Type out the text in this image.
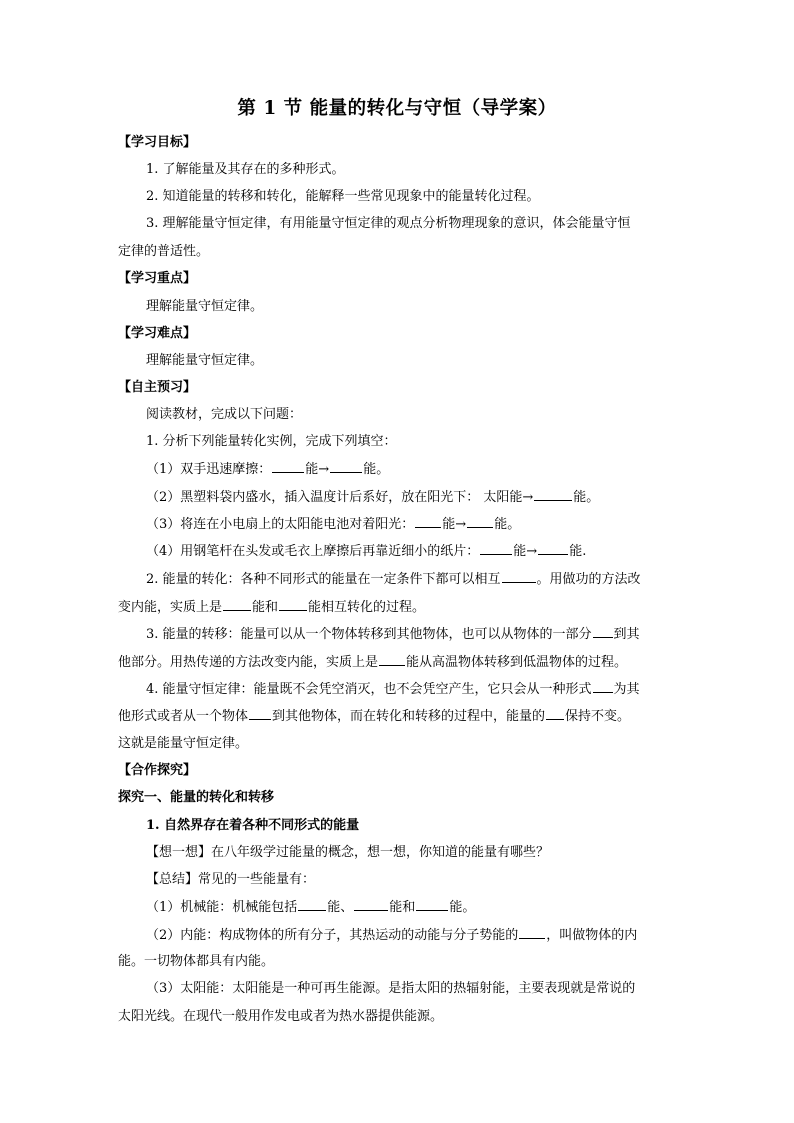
第 1 节 能量的转化与守恒（导学案）
【学习目标】
1. 了解能量及其存在的多种形式。
2. 知道能量的转移和转化，能解释一些常见现象中的能量转化过程。
3. 理解能量守恒定律，有用能量守恒定律的观点分析物理现象的意识，体会能量守恒
定律的普适性。
【学习重点】
理解能量守恒定律。
【学习难点】
理解能量守恒定律。
【自主预习】
阅读教材，完成以下问题：
1. 分析下列能量转化实例，完成下列填空：
（1）双手迅速摩擦：	能→	能。
（2）黑塑料袋内盛水，插入温度计后系好，放在阳光下： 太阳能→	能。
（3）将连在小电扇上的太阳能电池对着阳光： 能→ 能。
（4）用钢笔杆在头发或毛衣上摩擦后再靠近细小的纸片：	能→ 能.
2. 能量的转化：各种不同形式的能量在一定条件下都可以相互	。用做功的方法改
变内能，实质上是 能和 能相互转化的过程。
3. 能量的转移：能量可以从一个物体转移到其他物体，也可以从物体的一部分 到其
他部分。用热传递的方法改变内能，实质上是 能从高温物体转移到低温物体的过程。
4. 能量守恒定律：能量既不会凭空消灭，也不会凭空产生，它只会从一种形式 为其
他形式或者从一个物体 到其他物体，而在转化和转移的过程中，能量的 保持不变。
这就是能量守恒定律。
【合作探究】
探究一、能量的转化和转移
1. 自然界存在着各种不同形式的能量
【想一想】在八年级学过能量的概念，想一想，你知道的能量有哪些？
【总结】常见的一些能量有：
（1）机械能：机械能包括 能、	能和	能。
（2）内能：构成物体的所有分子，其热运动的动能与分子势能的 ，叫做物体的内
能。一切物体都具有内能。
（3）太阳能：太阳能是一种可再生能源。是指太阳的热辐射能，主要表现就是常说的
太阳光线。在现代一般用作发电或者为热水器提供能源。
